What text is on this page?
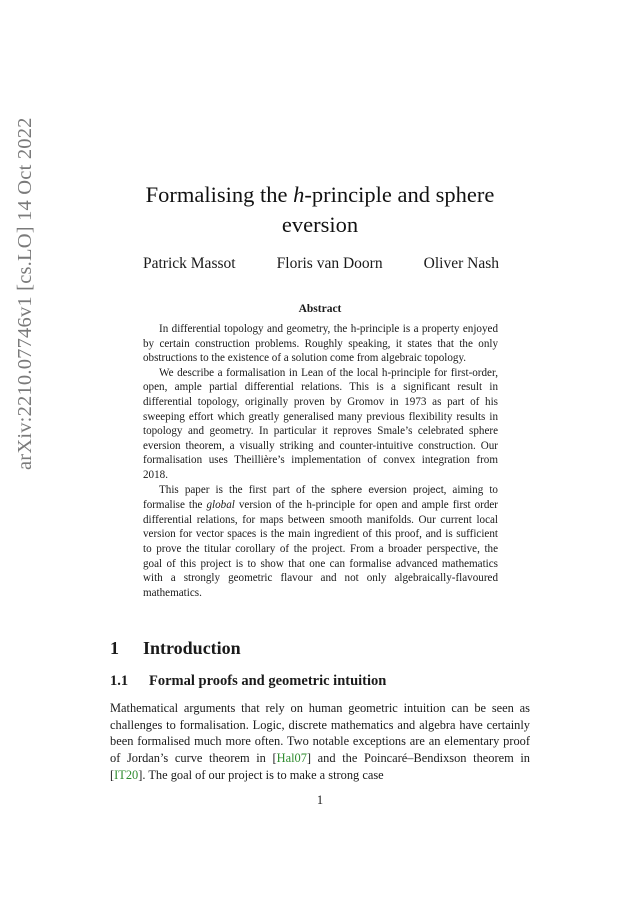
arXiv:2210.07746v1 [cs.LO] 14 Oct 2022	Formalising the h-principle and sphere
eversion
Patrick Massot	Floris van Doorn	Oliver Nash
Abstract

In differential topology and geometry, the h-principle is a property enjoyed by certain construction problems. Roughly speaking, it states that the only obstructions to the existence of a solution come from algebraic topology.

We describe a formalisation in Lean of the local h-principle for first-order, open, ample partial differential relations. This is a significant result in differential topology, originally proven by Gromov in 1973 as part of his sweeping effort which greatly generalised many previous flexibility results in topology and geometry. In particular it reproves Smale’s celebrated sphere eversion theorem, a visually striking and counter-intuitive construction. Our formalisation uses Theillière’s implementation of convex integration from 2018.

This paper is the first part of the sphere eversion project, aiming to formalise the global version of the h-principle for open and ample first order differential relations, for maps between smooth manifolds. Our current local version for vector spaces is the main ingredient of this proof, and is sufficient to prove the titular corollary of the project. From a broader perspective, the goal of this project is to show that one can formalise advanced mathematics with a strongly geometric flavour and not only algebraically-flavoured mathematics.

1	Introduction
1.1	Formal proofs and geometric intuition

Mathematical arguments that rely on human geometric intuition can be seen as challenges to formalisation. Logic, discrete mathematics and algebra have certainly been formalised much more often. Two notable exceptions are an elementary proof of Jordan’s curve theorem in [Hal07] and the Poincaré–Bendixson theorem in [IT20]. The goal of our project is to make a strong case

1
